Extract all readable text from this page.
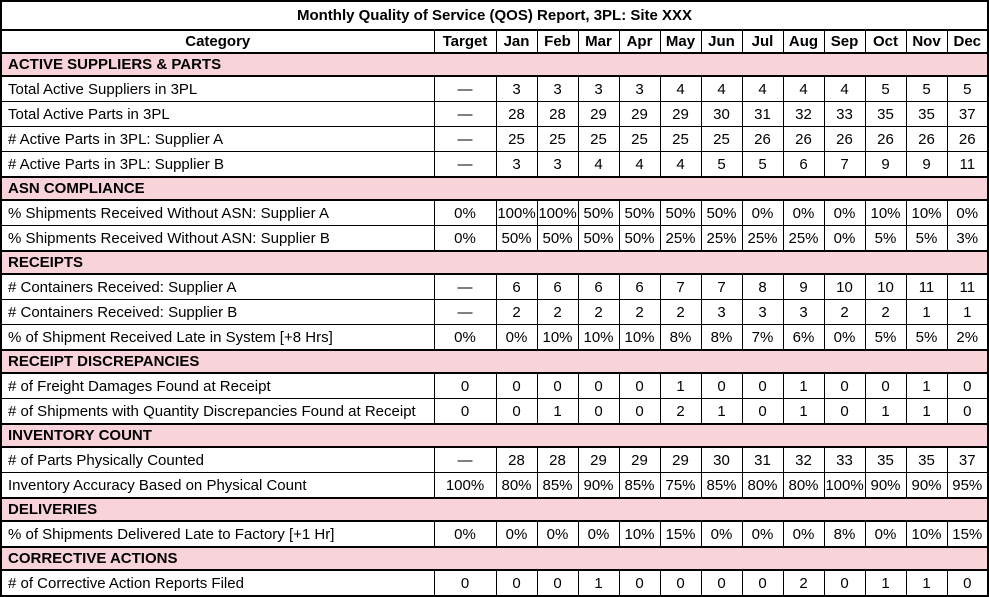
Monthly Quality of Service (QOS) Report, 3PL: Site XXX													
Category	Target	Jan	Feb	Mar	Apr	May	Jun	Jul	Aug	Sep	Oct	Nov	Dec
ACTIVE SUPPLIERS & PARTS													
Total Active Suppliers in 3PL	—	3	3	3	3	4	4	4	4	4	5	5	5
Total Active Parts in 3PL	—	28	28	29	29	29	30	31	32	33	35	35	37
# Active Parts in 3PL: Supplier A	—	25	25	25	25	25	25	26	26	26	26	26	26
# Active Parts in 3PL: Supplier B	—	3	3	4	4	4	5	5	6	7	9	9	11
ASN COMPLIANCE													
% Shipments Received Without ASN: Supplier A	0%	100%	100%	50%	50%	50%	50%	0%	0%	0%	10%	10%	0%
% Shipments Received Without ASN: Supplier B	0%	50%	50%	50%	50%	25%	25%	25%	25%	0%	5%	5%	3%
RECEIPTS													
# Containers Received: Supplier A	—	6	6	6	6	7	7	8	9	10	10	11	11
# Containers Received: Supplier B	—	2	2	2	2	2	3	3	3	2	2	1	1
% of Shipment Received Late in System [+8 Hrs]	0%	0%	10%	10%	10%	8%	8%	7%	6%	0%	5%	5%	2%
RECEIPT DISCREPANCIES													
# of Freight Damages Found at Receipt	0	0	0	0	0	1	0	0	1	0	0	1	0
# of Shipments with Quantity Discrepancies Found at Receipt	0	0	1	0	0	2	1	0	1	0	1	1	0
INVENTORY COUNT													
# of Parts Physically Counted	—	28	28	29	29	29	30	31	32	33	35	35	37
Inventory Accuracy Based on Physical Count	100%	80%	85%	90%	85%	75%	85%	80%	80%	100%	90%	90%	95%
DELIVERIES													
% of Shipments Delivered Late to Factory [+1 Hr]	0%	0%	0%	0%	10%	15%	0%	0%	0%	8%	0%	10%	15%
CORRECTIVE ACTIONS													
# of Corrective Action Reports Filed	0	0	0	1	0	0	0	0	2	0	1	1	0
